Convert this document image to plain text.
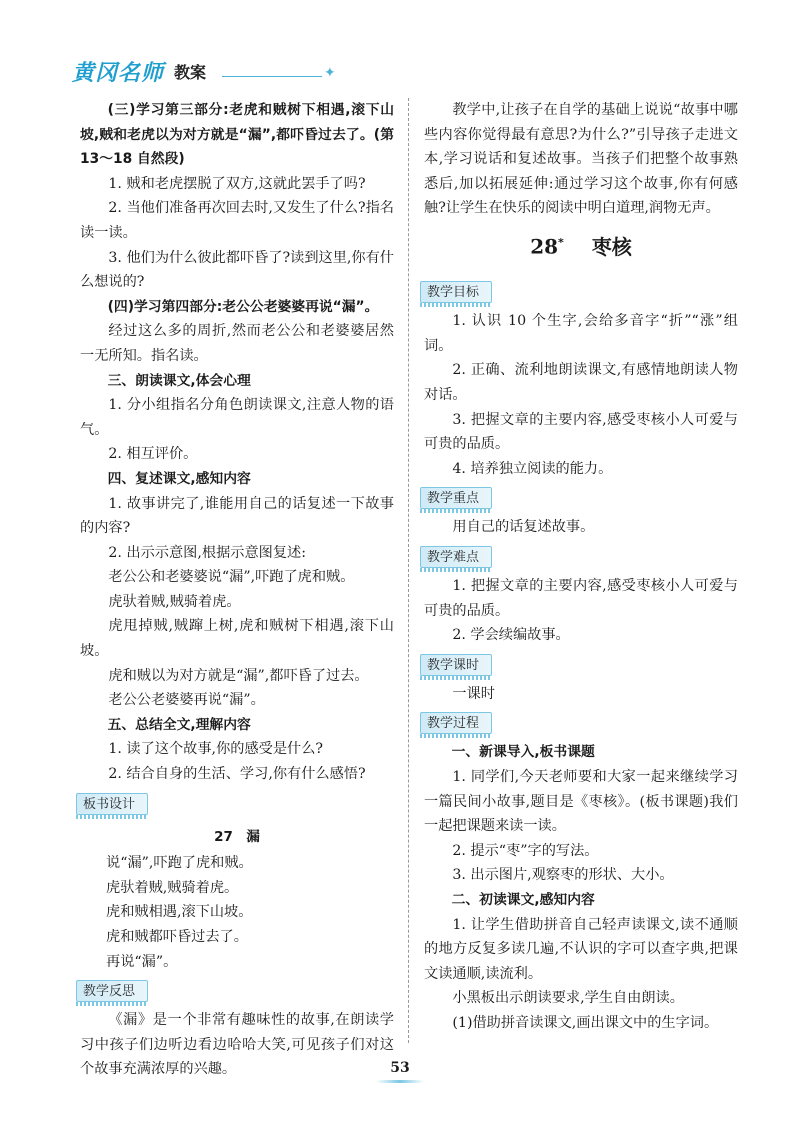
黄冈名师 教案	✦
(三)学习第三部分:老虎和贼树下相遇,滚下山坡,贼和老虎以为对方就是“漏”,都吓昏过去了。(第 13～18 自然段)
1. 贼和老虎摆脱了双方,这就此罢手了吗?
2. 当他们准备再次回去时,又发生了什么?指名读一读。
3. 他们为什么彼此都吓昏了?读到这里,你有什么想说的?
(四)学习第四部分:老公公老婆婆再说“漏”。
经过这么多的周折,然而老公公和老婆婆居然一无所知。指名读。
三、朗读课文,体会心理
1. 分小组指名分角色朗读课文,注意人物的语气。
2. 相互评价。
四、复述课文,感知内容
1. 故事讲完了,谁能用自己的话复述一下故事的内容?
2. 出示示意图,根据示意图复述:
老公公和老婆婆说“漏”,吓跑了虎和贼。
虎驮着贼,贼骑着虎。
虎甩掉贼,贼蹿上树,虎和贼树下相遇,滚下山坡。
虎和贼以为对方就是“漏”,都吓昏了过去。
老公公老婆婆再说“漏”。
五、总结全文,理解内容
1. 读了这个故事,你的感受是什么?
2. 结合自身的生活、学习,你有什么感悟?
板书设计
27　漏
说“漏”,吓跑了虎和贼。
虎驮着贼,贼骑着虎。
虎和贼相遇,滚下山坡。
虎和贼都吓昏过去了。
再说“漏”。
教学反思
《漏》是一个非常有趣味性的故事,在朗读学习中孩子们边听边看边哈哈大笑,可见孩子们对这个故事充满浓厚的兴趣。
教学中,让孩子在自学的基础上说说“故事中哪些内容你觉得最有意思?为什么?”引导孩子走进文本,学习说话和复述故事。当孩子们把整个故事熟悉后,加以拓展延伸:通过学习这个故事,你有何感触?让学生在快乐的阅读中明白道理,润物无声。
28* 枣核
教学目标
1. 认识 10 个生字,会给多音字“折”“涨”组词。
2. 正确、流利地朗读课文,有感情地朗读人物对话。
3. 把握文章的主要内容,感受枣核小人可爱与可贵的品质。
4. 培养独立阅读的能力。
教学重点
用自己的话复述故事。
教学难点
1. 把握文章的主要内容,感受枣核小人可爱与可贵的品质。
2. 学会续编故事。
教学课时
一课时
教学过程
一、新课导入,板书课题
1. 同学们,今天老师要和大家一起来继续学习一篇民间小故事,题目是《枣核》。(板书课题)我们一起把课题来读一读。
2. 提示“枣”字的写法。
3. 出示图片,观察枣的形状、大小。
二、初读课文,感知内容
1. 让学生借助拼音自己轻声读课文,读不通顺的地方反复多读几遍,不认识的字可以查字典,把课文读通顺,读流利。
小黑板出示朗读要求,学生自由朗读。
(1)借助拼音读课文,画出课文中的生字词。
53
